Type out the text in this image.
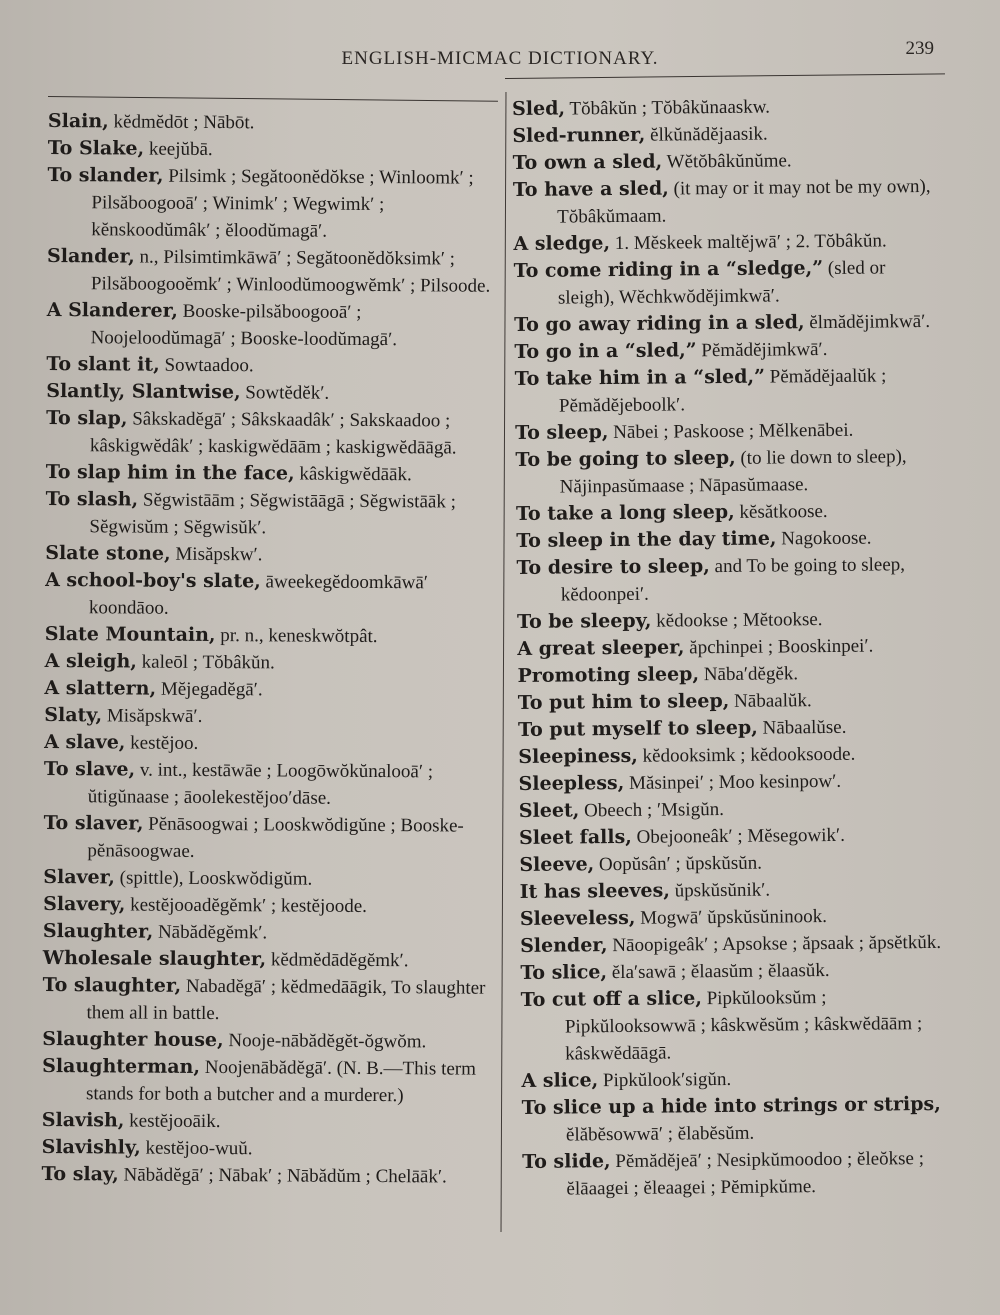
ENGLISH-MICMAC DICTIONARY.	239

Slain, kĕdmĕdōt ; Nābōt.

To Slake, keejŭbā.

To slander, Pilsimk ; Segătoonĕdŏkse ; Winloomk′ ; Pilsăboogooā′ ; Winimk′ ; Wegwimk′ ; kĕnskoodŭmâk′ ; ĕloodŭmagā′.

Slander, n., Pilsimtimkāwā′ ; Segătoonĕdŏksimk′ ; Pilsăboogooĕmk′ ; Winloodŭmoogwĕmk′ ; Pilsoode.

A Slanderer, Booske-pilsăboogooā′ ; Noojeloodŭmagā′ ; Booske-loodŭmagā′.

To slant it, Sowtaadoo.

Slantly, Slantwise, Sowtĕdĕk′.

To slap, Sâkskadĕgā′ ; Sâkskaadâk′ ; Sakskaadoo ; kâskigwĕdâk′ ; kaskigwĕdāām ; kaskigwĕdāāgā.

To slap him in the face, kâskigwĕdāāk.

To slash, Sĕgwistāām ; Sĕgwistāāgā ; Sĕgwistāāk ; Sĕgwisŭm ; Sĕgwisŭk′.

Slate stone, Misăpskw′.

A school-boy's slate, āweekegĕdoomkāwā′ koondāoo.

Slate Mountain, pr. n., keneskwŏtpât.

A sleigh, kaleōl ; Tŏbâkŭn.

A slattern, Mĕjegadĕgā′.

Slaty, Misăpskwā′.

A slave, kestĕjoo.

To slave, v. int., kestāwāe ; Loogōwŏkŭnalooā′ ; ŭtigŭnaase ; āoolekestĕjoo′dāse.

To slaver, Pĕnāsoogwai ; Looskwŏdigŭne ; Booske-pĕnāsoogwae.

Slaver, (spittle), Looskwŏdigŭm.

Slavery, kestĕjooadĕgĕmk′ ; kestĕjoode.

Slaughter, Nābădĕgĕmk′.

Wholesale slaughter, kĕdmĕdādĕgĕmk′.

To slaughter, Nabadĕgā′ ; kĕdmedāāgik, To slaughter them all in battle.

Slaughter house, Nooje-nābădĕgĕt-ŏgwŏm.

Slaughterman, Noojenābădĕgā′. (N. B.—This term stands for both a butcher and a murderer.)

Slavish, kestĕjooāik.

Slavishly, kestĕjoo-wuŭ.

To slay, Nābădĕgā′ ; Nābak′ ; Nābădŭm ; Chelāāk′.

Sled, Tŏbâkŭn ; Tŏbâkŭnaaskw.

Sled-runner, ĕlkŭnădĕjaasik.

To own a sled, Wĕtŏbâkŭnŭme.

To have a sled, (it may or it may not be my own), Tŏbâkŭmaam.

A sledge, 1. Mĕskeek maltĕjwā′ ; 2. Tŏbâkŭn.

To come riding in a “sledge,” (sled or sleigh), Wĕchkwŏdĕjimkwā′.

To go away riding in a sled, ĕlmădĕjimkwā′.

To go in a “sled,” Pĕmădĕjimkwā′.

To take him in a “sled,” Pĕmădĕjaalŭk ; Pĕmădĕjeboolk′.

To sleep, Nābei ; Paskoose ; Mĕlkenābei.

To be going to sleep, (to lie down to sleep), Năjinpasŭmaase ; Nāpasŭmaase.

To take a long sleep, kĕsătkoose.

To sleep in the day time, Nagokoose.

To desire to sleep, and To be going to sleep, kĕdoonpei′.

To be sleepy, kĕdookse ; Mĕtookse.

A great sleeper, ăpchinpei ; Booskinpei′.

Promoting sleep, Nāba′dĕgĕk.

To put him to sleep, Nābaalŭk.

To put myself to sleep, Nābaalŭse.

Sleepiness, kĕdooksimk ; kĕdooksoode.

Sleepless, Măsinpei′ ; Moo kesinpow′.

Sleet, Obeech ; ′Msigŭn.

Sleet falls, Obejooneâk′ ; Mĕsegowik′.

Sleeve, Oopŭsân′ ; ŭpskŭsŭn.

It has sleeves, ŭpskŭsŭnik′.

Sleeveless, Mogwā′ ŭpskŭsŭninook.

Slender, Nāoopigeâk′ ; Apsokse ; ăpsaak ; ăpsĕtkŭk.

To slice, ĕla′sawā ; ĕlaasŭm ; ĕlaasŭk.

To cut off a slice, Pipkŭlooksŭm ; Pipkŭlooksowwā ; kâskwĕsŭm ; kâskwĕdāām ; kâskwĕdāāgā.

A slice, Pipkŭlook′sigŭn.

To slice up a hide into strings or strips, ĕlăbĕsowwā′ ; ĕlabĕsŭm.

To slide, Pĕmădĕjeā′ ; Nesipkŭmoodoo ; ĕleŏkse ; ĕlāaagei ; ĕleaagei ; Pĕmipkŭme.
